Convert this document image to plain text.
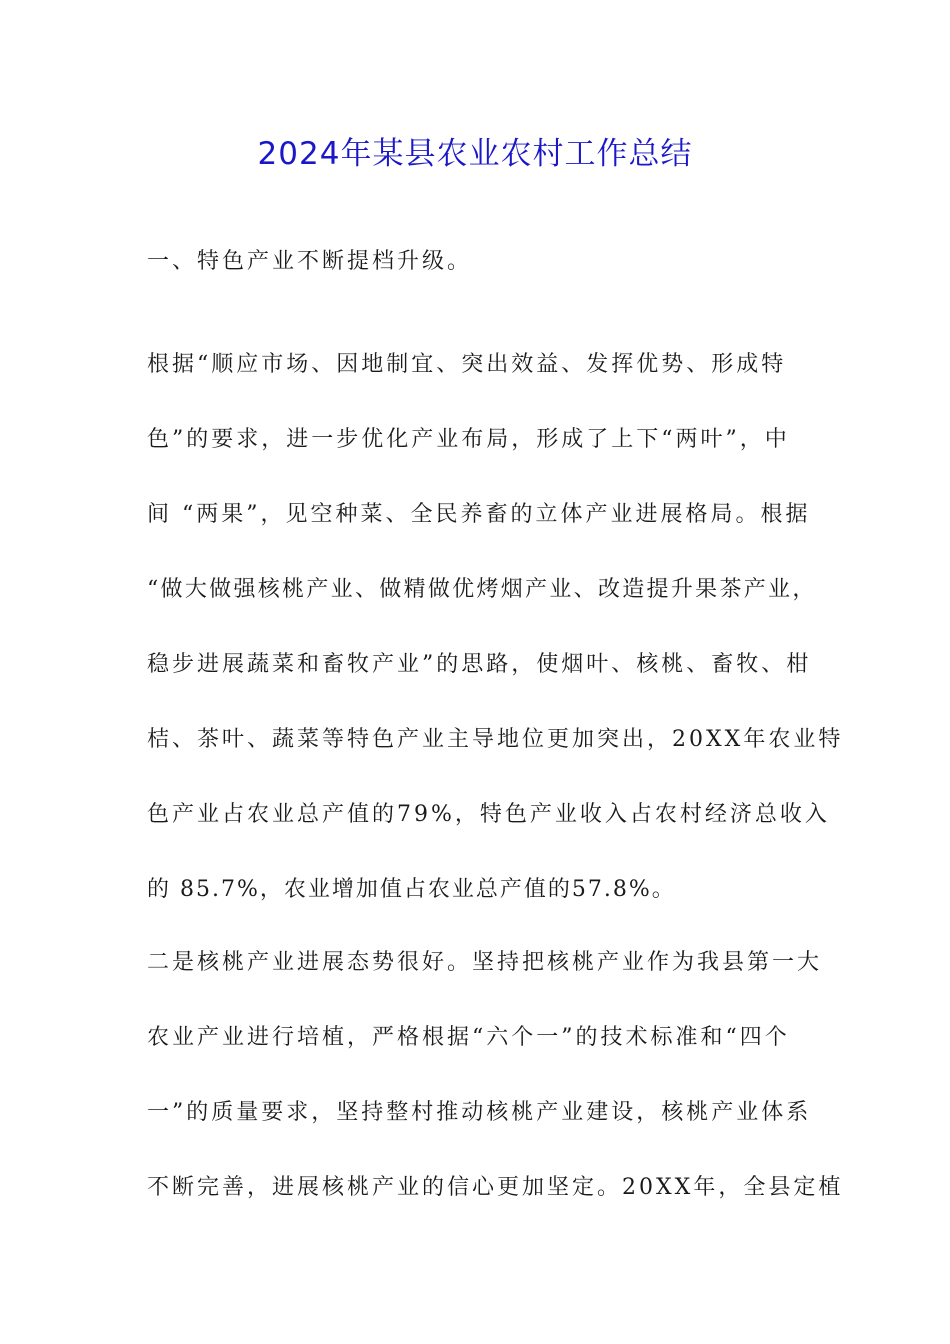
2024年某县农业农村工作总结
一、特色产业不断提档升级。
根据“顺应市场、因地制宜、突出效益、发挥优势、形成特
色”的要求，进一步优化产业布局，形成了上下“两叶”，中
间 “两果”，见空种菜、全民养畜的立体产业进展格局。根据
“做大做强核桃产业、做精做优烤烟产业、改造提升果茶产业，
稳步进展蔬菜和畜牧产业”的思路，使烟叶、核桃、畜牧、柑
桔、茶叶、蔬菜等特色产业主导地位更加突出，20XX年农业特
色产业占农业总产值的79%，特色产业收入占农村经济总收入
的 85.7%，农业增加值占农业总产值的57.8%。
二是核桃产业进展态势很好。坚持把核桃产业作为我县第一大
农业产业进行培植，严格根据“六个一”的技术标准和“四个
一”的质量要求，坚持整村推动核桃产业建设，核桃产业体系
不断完善，进展核桃产业的信心更加坚定。20XX年，全县定植
